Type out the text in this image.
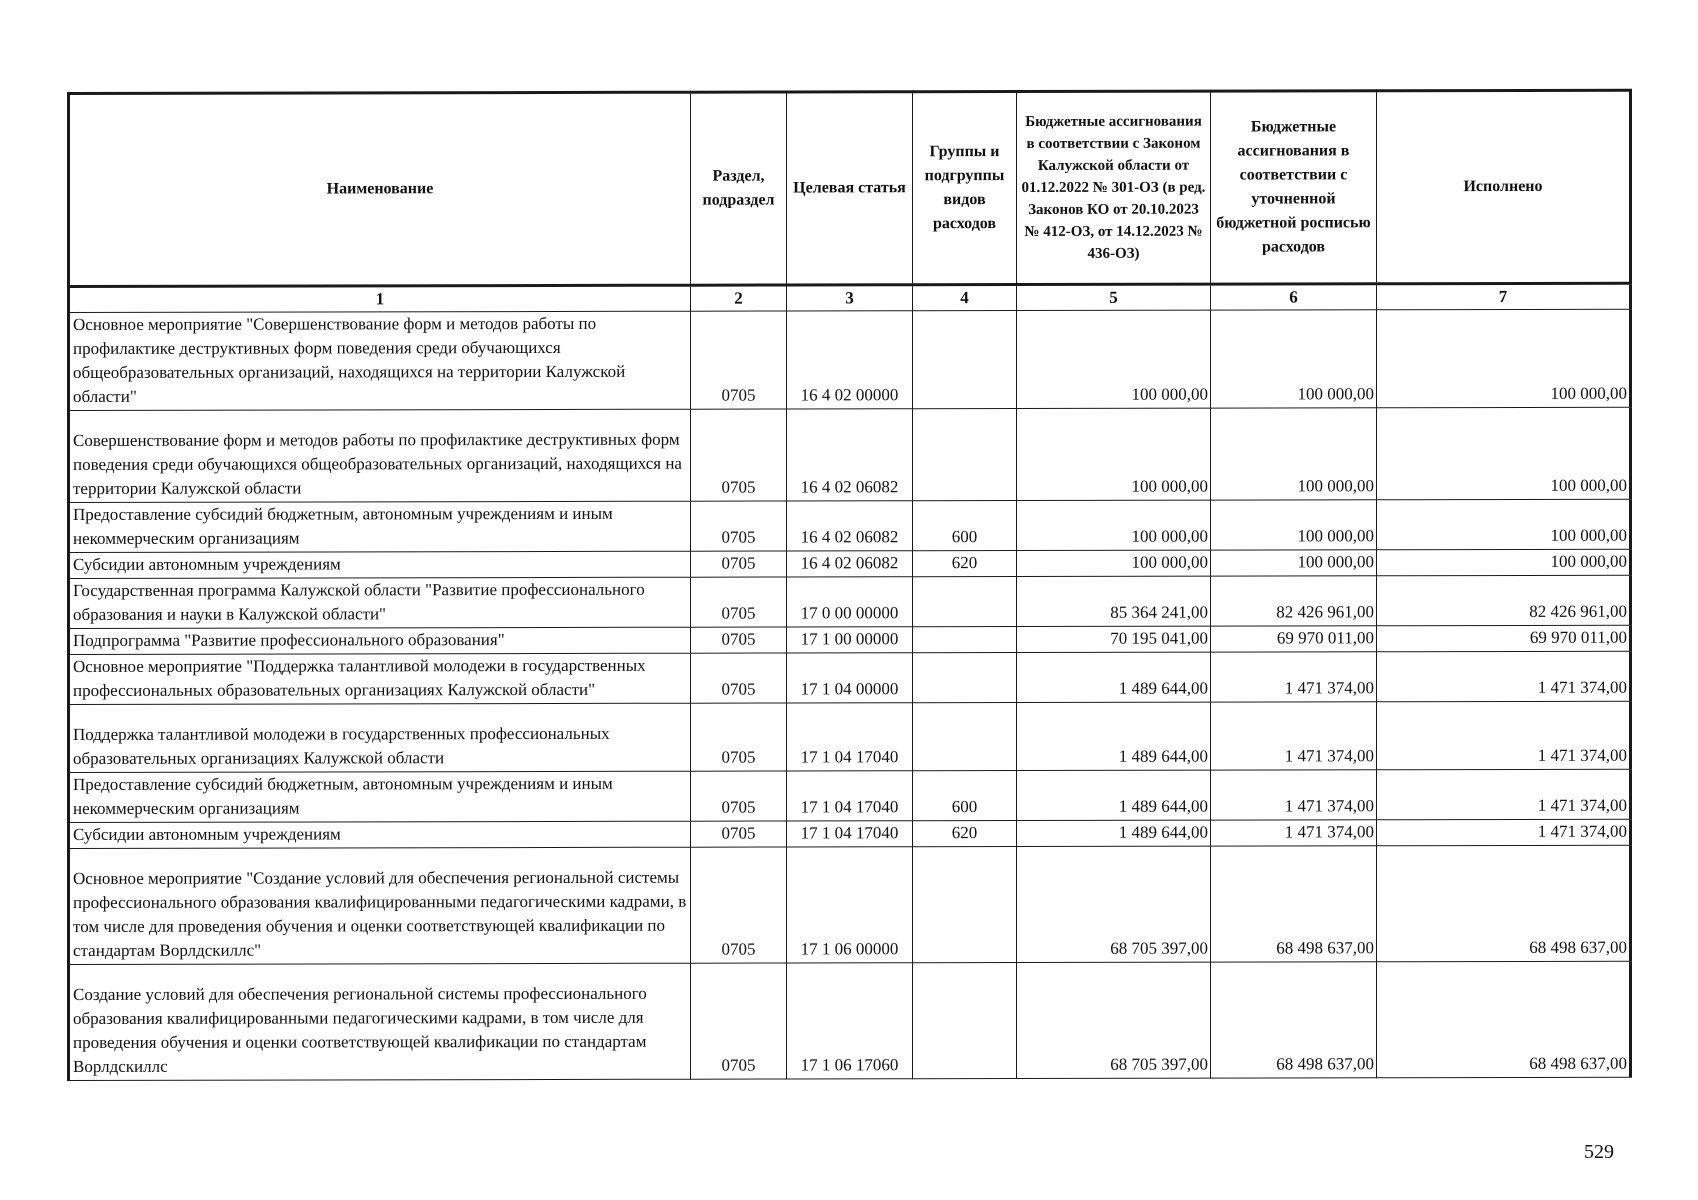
Наименование	Раздел, подраздел	Целевая статья	Группы и подгруппы видов расходов	Бюджетные ассигнования в соответствии с Законом Калужской области от 01.12.2022 № 301-ОЗ (в ред. Законов КО от 20.10.2023 № 412-ОЗ, от 14.12.2023 № 436-ОЗ)	Бюджетные ассигнования в соответствии с уточненной бюджетной росписью расходов	Исполнено
1	2	3	4	5	6	7
Основное мероприятие "Совершенствование форм и методов работы по профилактике деструктивных форм поведения среди обучающихся общеобразовательных организаций, находящихся на территории Калужской области"	0705	16 4 02 00000		100 000,00	100 000,00	100 000,00
Совершенствование форм и методов работы по профилактике деструктивных форм поведения среди обучающихся общеобразовательных организаций, находящихся на территории Калужской области	0705	16 4 02 06082		100 000,00	100 000,00	100 000,00
Предоставление субсидий бюджетным, автономным учреждениям и иным некоммерческим организациям	0705	16 4 02 06082	600	100 000,00	100 000,00	100 000,00
Субсидии автономным учреждениям	0705	16 4 02 06082	620	100 000,00	100 000,00	100 000,00
Государственная программа Калужской области "Развитие профессионального образования и науки в Калужской области"	0705	17 0 00 00000		85 364 241,00	82 426 961,00	82 426 961,00
Подпрограмма "Развитие профессионального образования"	0705	17 1 00 00000		70 195 041,00	69 970 011,00	69 970 011,00
Основное мероприятие "Поддержка талантливой молодежи в государственных профессиональных образовательных организациях Калужской области"	0705	17 1 04 00000		1 489 644,00	1 471 374,00	1 471 374,00
Поддержка талантливой молодежи в государственных профессиональных образовательных организациях Калужской области	0705	17 1 04 17040		1 489 644,00	1 471 374,00	1 471 374,00
Предоставление субсидий бюджетным, автономным учреждениям и иным некоммерческим организациям	0705	17 1 04 17040	600	1 489 644,00	1 471 374,00	1 471 374,00
Субсидии автономным учреждениям	0705	17 1 04 17040	620	1 489 644,00	1 471 374,00	1 471 374,00
Основное мероприятие "Создание условий для обеспечения региональной системы профессионального образования квалифицированными педагогическими кадрами, в том числе для проведения обучения и оценки соответствующей квалификации по стандартам Ворлдскиллс"	0705	17 1 06 00000		68 705 397,00	68 498 637,00	68 498 637,00
Создание условий для обеспечения региональной системы профессионального образования квалифицированными педагогическими кадрами, в том числе для проведения обучения и оценки соответствующей квалификации по стандартам Ворлдскиллс	0705	17 1 06 17060		68 705 397,00	68 498 637,00	68 498 637,00
529
